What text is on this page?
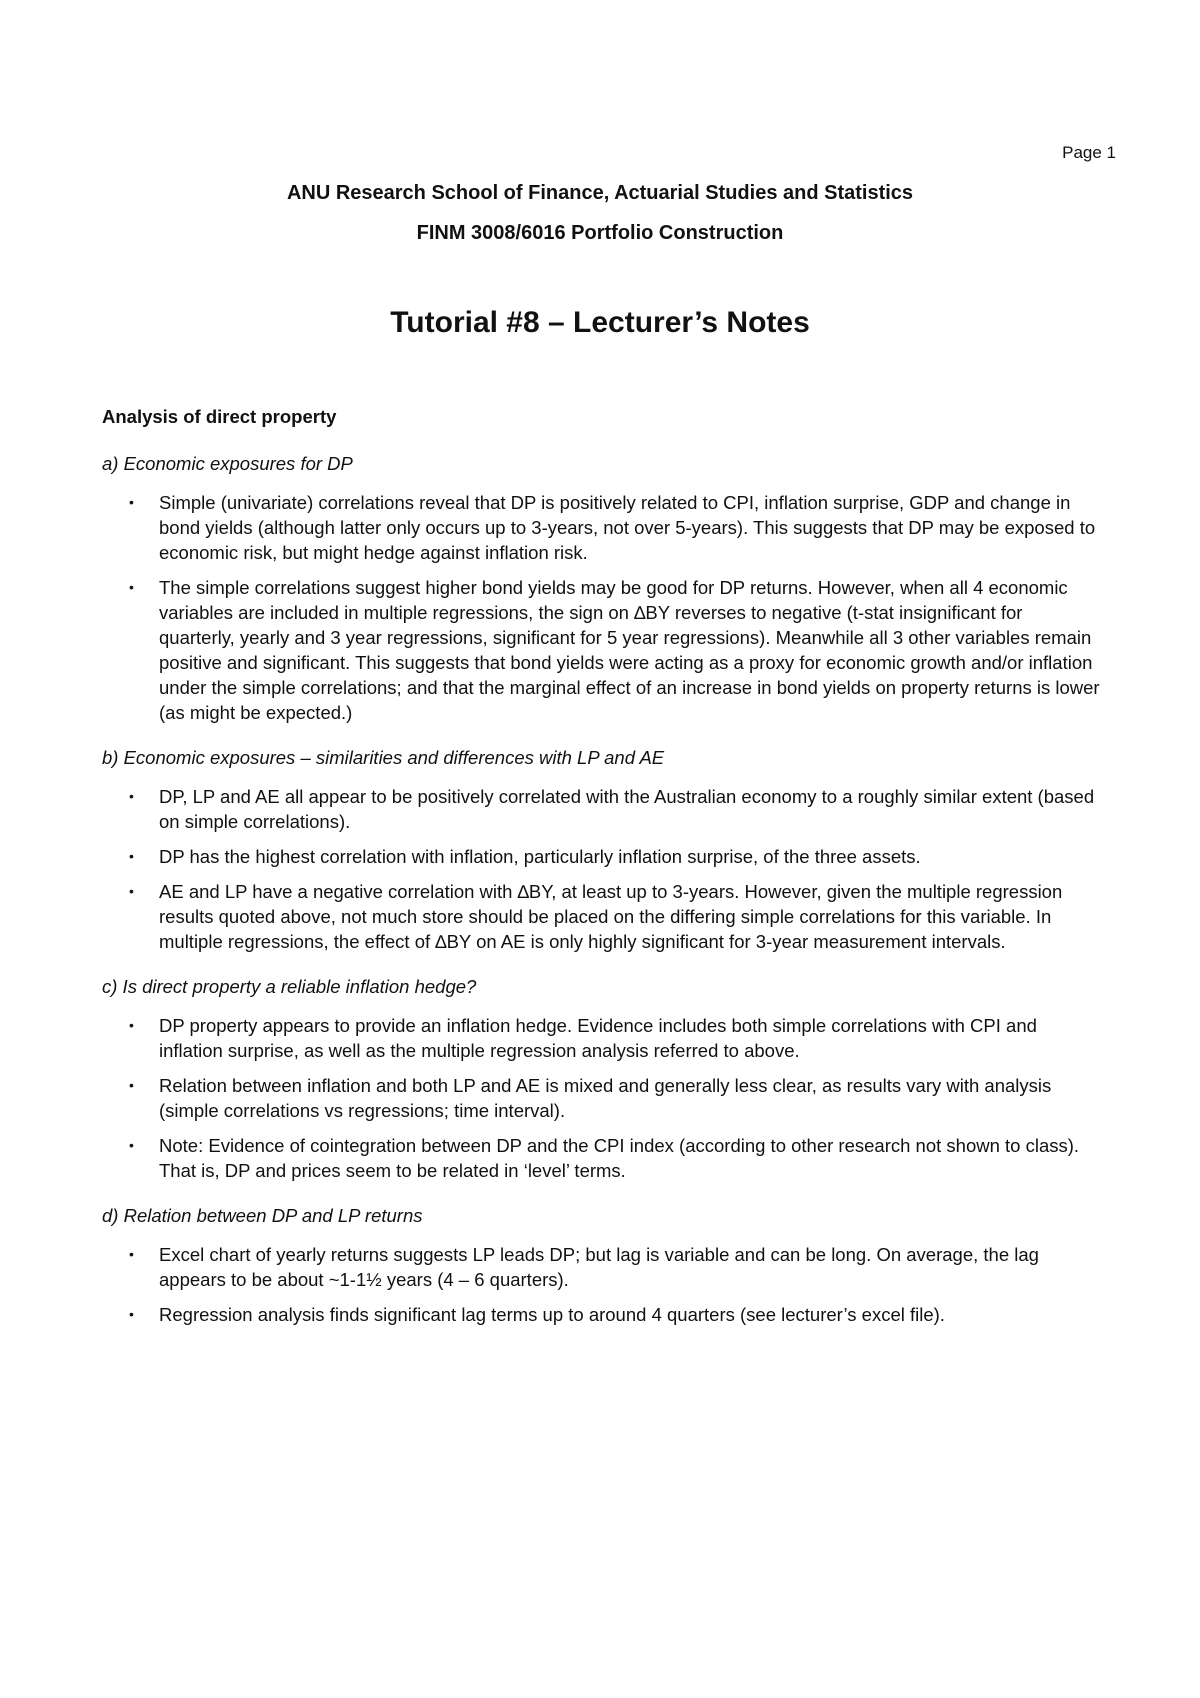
Page 1
ANU Research School of Finance, Actuarial Studies and Statistics
FINM 3008/6016 Portfolio Construction
Tutorial #8 – Lecturer’s Notes
Analysis of direct property
a) Economic exposures for DP
• Simple (univariate) correlations reveal that DP is positively related to CPI, inflation surprise, GDP and change in bond yields (although latter only occurs up to 3-years, not over 5-years). This suggests that DP may be exposed to economic risk, but might hedge against inflation risk.
• The simple correlations suggest higher bond yields may be good for DP returns. However, when all 4 economic variables are included in multiple regressions, the sign on ∆BY reverses to negative (t-stat insignificant for quarterly, yearly and 3 year regressions, significant for 5 year regressions). Meanwhile all 3 other variables remain positive and significant. This suggests that bond yields were acting as a proxy for economic growth and/or inflation under the simple correlations; and that the marginal effect of an increase in bond yields on property returns is lower (as might be expected.)
b) Economic exposures – similarities and differences with LP and AE
• DP, LP and AE all appear to be positively correlated with the Australian economy to a roughly similar extent (based on simple correlations).
• DP has the highest correlation with inflation, particularly inflation surprise, of the three assets.
• AE and LP have a negative correlation with ∆BY, at least up to 3-years. However, given the multiple regression results quoted above, not much store should be placed on the differing simple correlations for this variable. In multiple regressions, the effect of ∆BY on AE is only highly significant for 3-year measurement intervals.
c) Is direct property a reliable inflation hedge?
• DP property appears to provide an inflation hedge. Evidence includes both simple correlations with CPI and inflation surprise, as well as the multiple regression analysis referred to above.
• Relation between inflation and both LP and AE is mixed and generally less clear, as results vary with analysis (simple correlations vs regressions; time interval).
• Note: Evidence of cointegration between DP and the CPI index (according to other research not shown to class). That is, DP and prices seem to be related in ‘level’ terms.
d) Relation between DP and LP returns
• Excel chart of yearly returns suggests LP leads DP; but lag is variable and can be long. On average, the lag appears to be about ~1-1½ years (4 – 6 quarters).
• Regression analysis finds significant lag terms up to around 4 quarters (see lecturer’s excel file).
